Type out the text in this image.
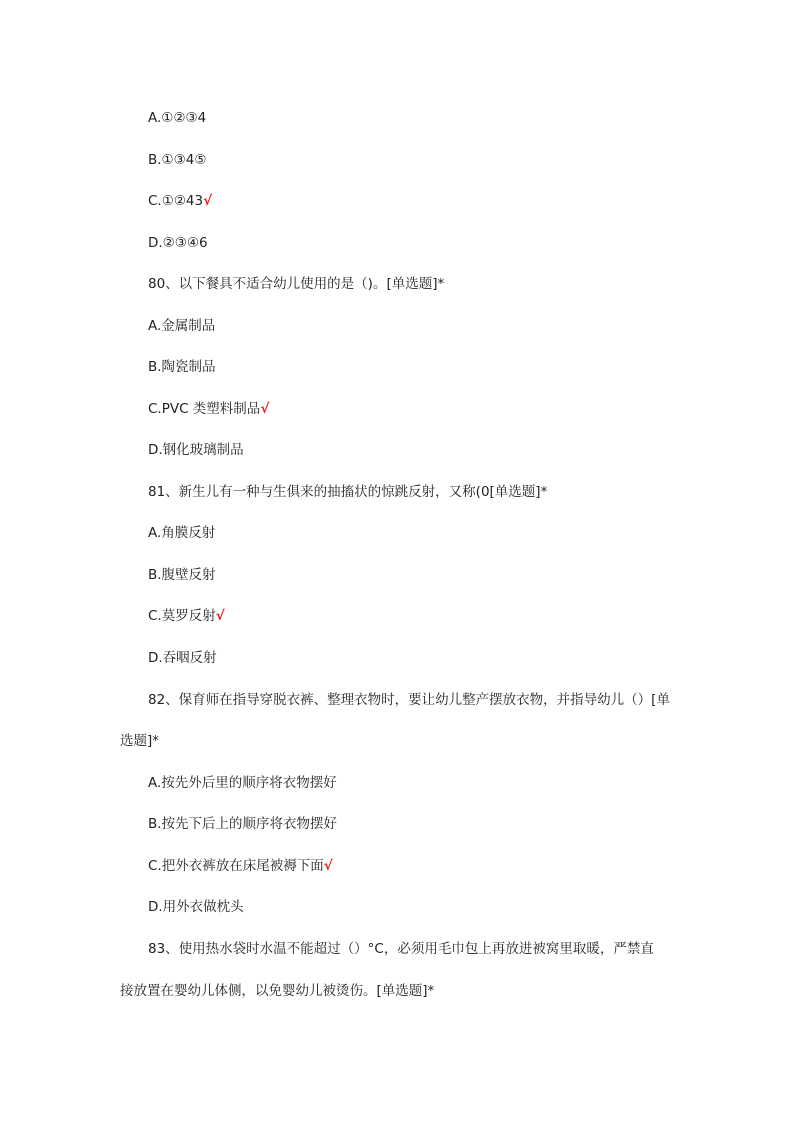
A.①②③4
B.①③4⑤
C.①②43√
D.②③④6
80、以下餐具不适合幼儿使用的是（)。[单选题]*
A.金属制品
B.陶瓷制品
C.PVC 类塑料制品√
D.钢化玻璃制品
81、新生儿有一种与生俱来的抽搐状的惊跳反射，又称(0[单选题]*
A.角膜反射
B.腹壁反射
C.莫罗反射√
D.吞咽反射
82、保育师在指导穿脱衣裤、整理衣物时，要让幼儿整产摆放衣物，并指导幼儿（）[单
选题]*
A.按先外后里的顺序将衣物摆好
B.按先下后上的顺序将衣物摆好
C.把外衣裤放在床尾被褥下面√
D.用外衣做枕头
83、使用热水袋时水温不能超过（）°C，必须用毛巾包上再放进被窝里取暖，严禁直
接放置在婴幼儿体侧，以免婴幼儿被烫伤。[单选题]*
